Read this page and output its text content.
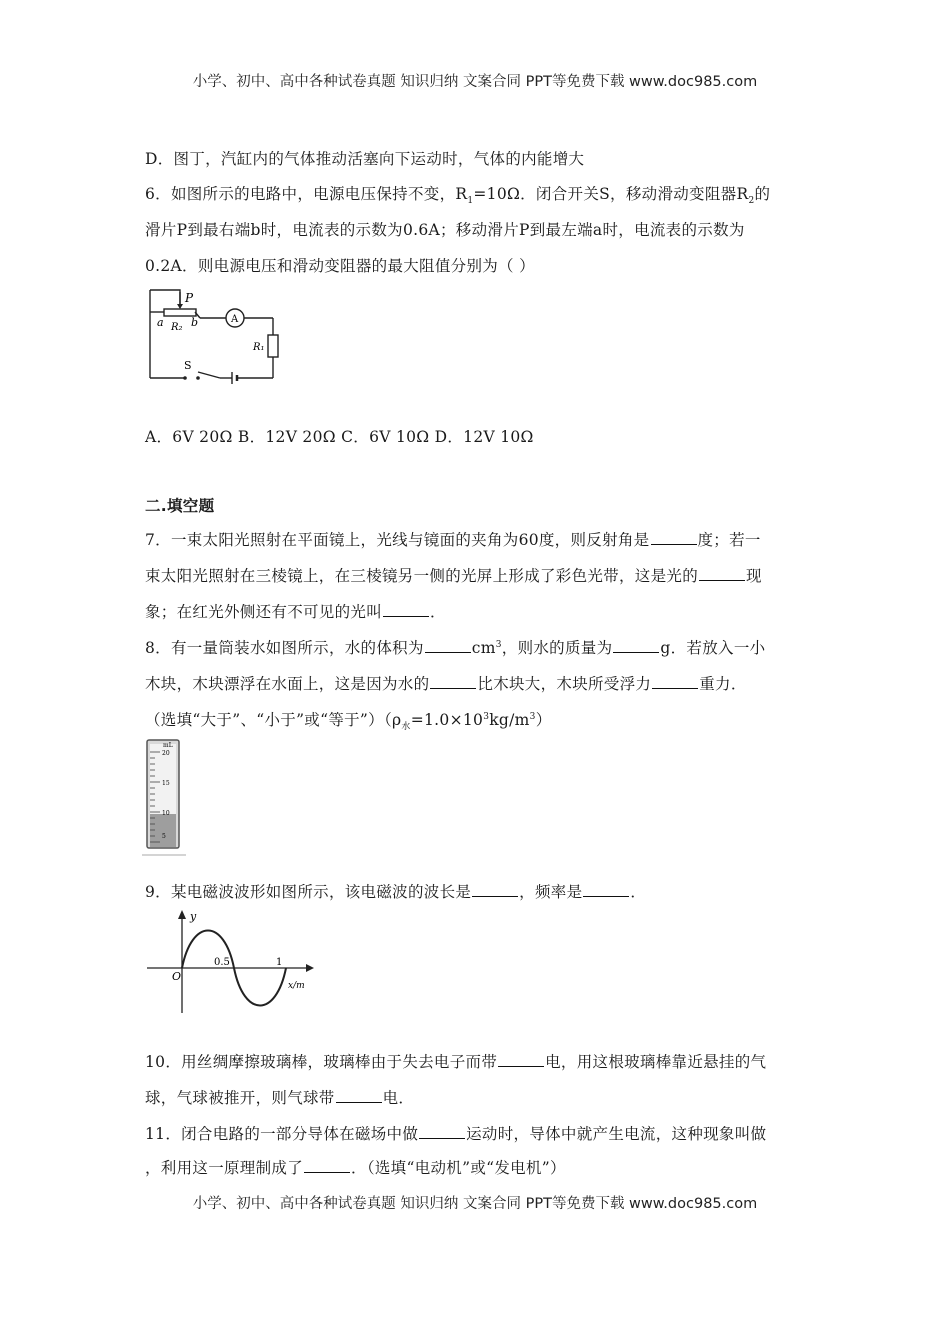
小学、初中、高中各种试卷真题 知识归纳 文案合同 PPT等免费下载 www.doc985.com
小学、初中、高中各种试卷真题 知识归纳 文案合同 PPT等免费下载 www.doc985.com
D．图丁，汽缸内的气体推动活塞向下运动时，气体的内能增大
6．如图所示的电路中，电源电压保持不变，$R_1=10\Omega$．闭合开关S，移动滑动变阻器$R_2$的
滑片P到最右端b时，电流表的示数为0.6A；移动滑片P到最左端a时，电流表的示数为
0.2A．则电源电压和滑动变阻器的最大阻值分别为（ ）
P
a b
R₂
A
R₁
S
A．6V 20Ω B．12V 20Ω C．6V 10Ω D．12V 10Ω
二.填空题
7．一束太阳光照射在平面镜上，光线与镜面的夹角为60度，则反射角是	度；若一
束太阳光照射在三棱镜上，在三棱镜另一侧的光屏上形成了彩色光带，这是光的	现
象；在红光外侧还有不可见的光叫	．
8．有一量筒装水如图所示，水的体积为	$cm^3$，则水的质量为	g．若放入一小
木块，木块漂浮在水面上，这是因为水的	比木块大，木块所受浮力	重力．
（选填“大于”、“小于”或“等于$”)(\rho_水=1.0\times 10^3kg/m^3)$
mL
20
15
10
5
9．某电磁波波形如图所示，该电磁波的波长是	，频率是	．
y
O
0.5	1
x/m
10．用丝绸摩擦玻璃棒，玻璃棒由于失去电子而带	电，用这根玻璃棒靠近悬挂的气
球，气球被推开，则气球带	电．
11．闭合电路的一部分导体在磁场中做	运动时，导体中就产生电流，这种现象叫做
，利用这一原理制成了	．（选填“电动机”或“发电机”）
